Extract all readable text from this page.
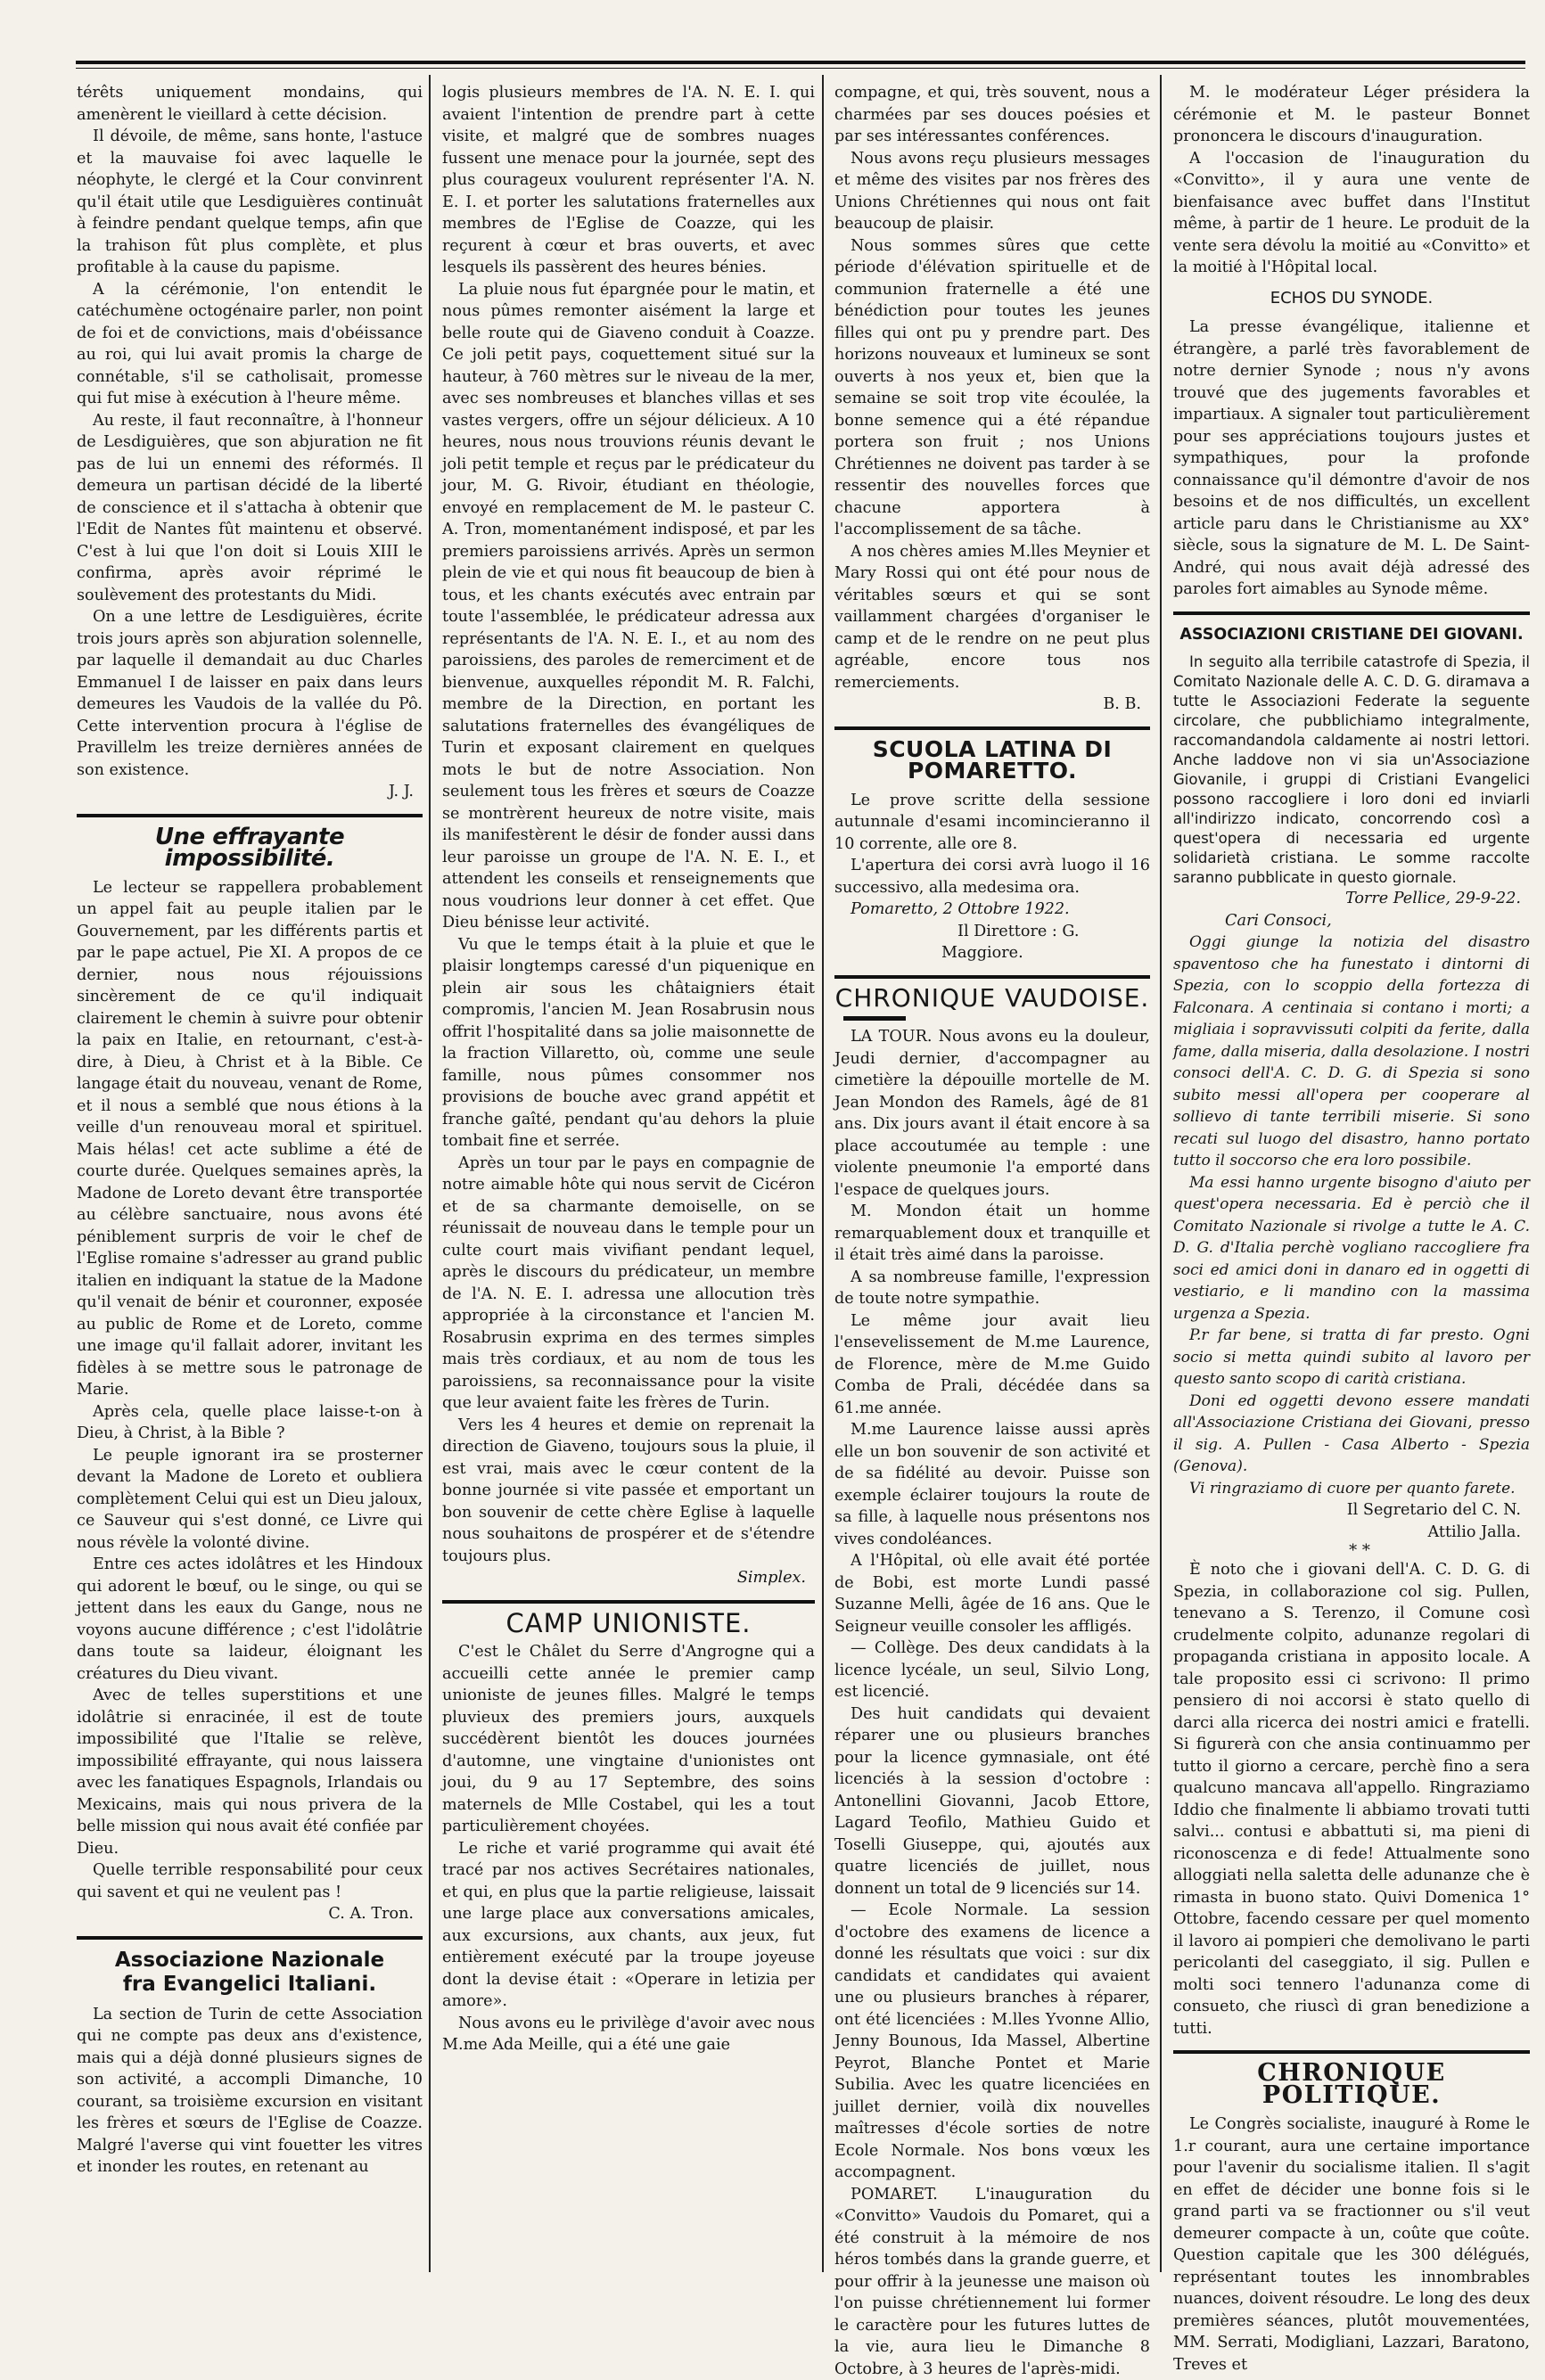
térêts uniquement mondains, qui amenèrent le vieillard à cette décision.

Il dévoile, de même, sans honte, l'astuce et la mauvaise foi avec laquelle le néophyte, le clergé et la Cour convinrent qu'il était utile que Lesdiguières continuât à feindre pendant quelque temps, afin que la trahison fût plus complète, et plus profitable à la cause du papisme.

A la cérémonie, l'on entendit le catéchumène octogénaire parler, non point de foi et de convictions, mais d'obéissance au roi, qui lui avait promis la charge de connétable, s'il se catholisait, promesse qui fut mise à exécution à l'heure même.

Au reste, il faut reconnaître, à l'honneur de Lesdiguières, que son abjuration ne fit pas de lui un ennemi des réformés. Il demeura un partisan décidé de la liberté de conscience et il s'attacha à obtenir que l'Edit de Nantes fût maintenu et observé. C'est à lui que l'on doit si Louis XIII le confirma, après avoir réprimé le soulèvement des protestants du Midi.

On a une lettre de Lesdiguières, écrite trois jours après son abjuration solennelle, par laquelle il demandait au duc Charles Emmanuel I de laisser en paix dans leurs demeures les Vaudois de la vallée du Pô. Cette intervention procura à l'église de Pravillelm les treize dernières années de son existence.

J. J.

Une effrayante impossibilité.

Le lecteur se rappellera probablement un appel fait au peuple italien par le Gouvernement, par les différents partis et par le pape actuel, Pie XI. A propos de ce dernier, nous nous réjouissions sincèrement de ce qu'il indiquait clairement le chemin à suivre pour obtenir la paix en Italie, en retournant, c'est-à-dire, à Dieu, à Christ et à la Bible. Ce langage était du nouveau, venant de Rome, et il nous a semblé que nous étions à la veille d'un renouveau moral et spirituel. Mais hélas! cet acte sublime a été de courte durée. Quelques semaines après, la Madone de Loreto devant être transportée au célèbre sanctuaire, nous avons été péniblement surpris de voir le chef de l'Eglise romaine s'adresser au grand public italien en indiquant la statue de la Madone qu'il venait de bénir et couronner, exposée au public de Rome et de Loreto, comme une image qu'il fallait adorer, invitant les fidèles à se mettre sous le patronage de Marie.

Après cela, quelle place laisse-t-on à Dieu, à Christ, à la Bible ?

Le peuple ignorant ira se prosterner devant la Madone de Loreto et oubliera complètement Celui qui est un Dieu jaloux, ce Sauveur qui s'est donné, ce Livre qui nous révèle la volonté divine.

Entre ces actes idolâtres et les Hindoux qui adorent le bœuf, ou le singe, ou qui se jettent dans les eaux du Gange, nous ne voyons aucune différence ; c'est l'idolâtrie dans toute sa laideur, éloignant les créatures du Dieu vivant.

Avec de telles superstitions et une idolâtrie si enracinée, il est de toute impossibilité que l'Italie se relève, impossibilité effrayante, qui nous laissera avec les fanatiques Espagnols, Irlandais ou Mexicains, mais qui nous privera de la belle mission qui nous avait été confiée par Dieu.

Quelle terrible responsabilité pour ceux qui savent et qui ne veulent pas !

C. A. Tron.

Associazione Nazionale
fra Evangelici Italiani.

La section de Turin de cette Association qui ne compte pas deux ans d'existence, mais qui a déjà donné plusieurs signes de son activité, a accompli Dimanche, 10 courant, sa troisième excursion en visitant les frères et sœurs de l'Eglise de Coazze. Malgré l'averse qui vint fouetter les vitres et inonder les routes, en retenant au

logis plusieurs membres de l'A. N. E. I. qui avaient l'intention de prendre part à cette visite, et malgré que de sombres nuages fussent une menace pour la journée, sept des plus courageux voulurent représenter l'A. N. E. I. et porter les salutations fraternelles aux membres de l'Eglise de Coazze, qui les reçurent à cœur et bras ouverts, et avec lesquels ils passèrent des heures bénies.

La pluie nous fut épargnée pour le matin, et nous pûmes remonter aisément la large et belle route qui de Giaveno conduit à Coazze. Ce joli petit pays, coquettement situé sur la hauteur, à 760 mètres sur le niveau de la mer, avec ses nombreuses et blanches villas et ses vastes vergers, offre un séjour délicieux. A 10 heures, nous nous trouvions réunis devant le joli petit temple et reçus par le prédicateur du jour, M. G. Rivoir, étudiant en théologie, envoyé en remplacement de M. le pasteur C. A. Tron, momentanément indisposé, et par les premiers paroissiens arrivés. Après un sermon plein de vie et qui nous fit beaucoup de bien à tous, et les chants exécutés avec entrain par toute l'assemblée, le prédicateur adressa aux représentants de l'A. N. E. I., et au nom des paroissiens, des paroles de remerciment et de bienvenue, auxquelles répondit M. R. Falchi, membre de la Direction, en portant les salutations fraternelles des évangéliques de Turin et exposant clairement en quelques mots le but de notre Association. Non seulement tous les frères et sœurs de Coazze se montrèrent heureux de notre visite, mais ils manifestèrent le désir de fonder aussi dans leur paroisse un groupe de l'A. N. E. I., et attendent les conseils et renseignements que nous voudrions leur donner à cet effet. Que Dieu bénisse leur activité.

Vu que le temps était à la pluie et que le plaisir longtemps caressé d'un piquenique en plein air sous les châtaigniers était compromis, l'ancien M. Jean Rosabrusin nous offrit l'hospitalité dans sa jolie maisonnette de la fraction Villaretto, où, comme une seule famille, nous pûmes consommer nos provisions de bouche avec grand appétit et franche gaîté, pendant qu'au dehors la pluie tombait fine et serrée.

Après un tour par le pays en compagnie de notre aimable hôte qui nous servit de Cicéron et de sa charmante demoiselle, on se réunissait de nouveau dans le temple pour un culte court mais vivifiant pendant lequel, après le discours du prédicateur, un membre de l'A. N. E. I. adressa une allocution très appropriée à la circonstance et l'ancien M. Rosabrusin exprima en des termes simples mais très cordiaux, et au nom de tous les paroissiens, sa reconnaissance pour la visite que leur avaient faite les frères de Turin.

Vers les 4 heures et demie on reprenait la direction de Giaveno, toujours sous la pluie, il est vrai, mais avec le cœur content de la bonne journée si vite passée et emportant un bon souvenir de cette chère Eglise à laquelle nous souhaitons de prospérer et de s'étendre toujours plus.

Simplex.

CAMP UNIONISTE.

C'est le Châlet du Serre d'Angrogne qui a accueilli cette année le premier camp unioniste de jeunes filles. Malgré le temps pluvieux des premiers jours, auxquels succédèrent bientôt les douces journées d'automne, une vingtaine d'unionistes ont joui, du 9 au 17 Septembre, des soins maternels de Mlle Costabel, qui les a tout particulièrement choyées.

Le riche et varié programme qui avait été tracé par nos actives Secrétaires nationales, et qui, en plus que la partie religieuse, laissait une large place aux conversations amicales, aux excursions, aux chants, aux jeux, fut entièrement exécuté par la troupe joyeuse dont la devise était : «Operare in letizia per amore».

Nous avons eu le privilège d'avoir avec nous M.me Ada Meille, qui a été une gaie

compagne, et qui, très souvent, nous a charmées par ses douces poésies et par ses intéressantes conférences.

Nous avons reçu plusieurs messages et même des visites par nos frères des Unions Chrétiennes qui nous ont fait beaucoup de plaisir.

Nous sommes sûres que cette période d'élévation spirituelle et de communion fraternelle a été une bénédiction pour toutes les jeunes filles qui ont pu y prendre part. Des horizons nouveaux et lumineux se sont ouverts à nos yeux et, bien que la semaine se soit trop vite écoulée, la bonne semence qui a été répandue portera son fruit ; nos Unions Chrétiennes ne doivent pas tarder à se ressentir des nouvelles forces que chacune apportera à l'accomplissement de sa tâche.

A nos chères amies M.lles Meynier et Mary Rossi qui ont été pour nous de véritables sœurs et qui se sont vaillamment chargées d'organiser le camp et de le rendre on ne peut plus agréable, encore tous nos remerciements.

B. B.

SCUOLA LATINA DI POMARETTO.

Le prove scritte della sessione autunnale d'esami incomincieranno il 10 corrente, alle ore 8.

L'apertura dei corsi avrà luogo il 16 successivo, alla medesima ora.

Pomaretto, 2 Ottobre 1922.

Il Direttore : G. Maggiore.

CHRONIQUE VAUDOISE.

LA TOUR. Nous avons eu la douleur, Jeudi dernier, d'accompagner au cimetière la dépouille mortelle de M. Jean Mondon des Ramels, âgé de 81 ans. Dix jours avant il était encore à sa place accoutumée au temple : une violente pneumonie l'a emporté dans l'espace de quelques jours.

M. Mondon était un homme remarquablement doux et tranquille et il était très aimé dans la paroisse.

A sa nombreuse famille, l'expression de toute notre sympathie.

Le même jour avait lieu l'ensevelissement de M.me Laurence, de Florence, mère de M.me Guido Comba de Prali, décédée dans sa 61.me année.

M.me Laurence laisse aussi après elle un bon souvenir de son activité et de sa fidélité au devoir. Puisse son exemple éclairer toujours la route de sa fille, à laquelle nous présentons nos vives condoléances.

A l'Hôpital, où elle avait été portée de Bobi, est morte Lundi passé Suzanne Melli, âgée de 16 ans. Que le Seigneur veuille consoler les affligés.

— Collège. Des deux candidats à la licence lycéale, un seul, Silvio Long, est licencié.

Des huit candidats qui devaient réparer une ou plusieurs branches pour la licence gymnasiale, ont été licenciés à la session d'octobre : Antonellini Giovanni, Jacob Ettore, Lagard Teofilo, Mathieu Guido et Toselli Giuseppe, qui, ajoutés aux quatre licenciés de juillet, nous donnent un total de 9 licenciés sur 14.

— Ecole Normale. La session d'octobre des examens de licence a donné les résultats que voici : sur dix candidats et candidates qui avaient une ou plusieurs branches à réparer, ont été licenciées : M.lles Yvonne Allio, Jenny Bounous, Ida Massel, Albertine Peyrot, Blanche Pontet et Marie Subilia. Avec les quatre licenciées en juillet dernier, voilà dix nouvelles maîtresses d'école sorties de notre Ecole Normale. Nos bons vœux les accompagnent.

POMARET. L'inauguration du «Convitto» Vaudois du Pomaret, qui a été construit à la mémoire de nos héros tombés dans la grande guerre, et pour offrir à la jeunesse une maison où l'on puisse chrétiennement lui former le caractère pour les futures luttes de la vie, aura lieu le Dimanche 8 Octobre, à 3 heures de l'après-midi.

M. le modérateur Léger présidera la cérémonie et M. le pasteur Bonnet prononcera le discours d'inauguration.

A l'occasion de l'inauguration du «Convitto», il y aura une vente de bienfaisance avec buffet dans l'Institut même, à partir de 1 heure. Le produit de la vente sera dévolu la moitié au «Convitto» et la moitié à l'Hôpital local.

ECHOS DU SYNODE.

La presse évangélique, italienne et étrangère, a parlé très favorablement de notre dernier Synode ; nous n'y avons trouvé que des jugements favorables et impartiaux. A signaler tout particulièrement pour ses appréciations toujours justes et sympathiques, pour la profonde connaissance qu'il démontre d'avoir de nos besoins et de nos difficultés, un excellent article paru dans le Christianisme au XX° siècle, sous la signature de M. L. De Saint-André, qui nous avait déjà adressé des paroles fort aimables au Synode même.

ASSOCIAZIONI CRISTIANE DEI GIOVANI.

In seguito alla terribile catastrofe di Spezia, il Comitato Nazionale delle A. C. D. G. diramava a tutte le Associazioni Federate la seguente circolare, che pubblichiamo integralmente, raccomandandola caldamente ai nostri lettori. Anche laddove non vi sia un'Associazione Giovanile, i gruppi di Cristiani Evangelici possono raccogliere i loro doni ed inviarli all'indirizzo indicato, concorrendo così a quest'opera di necessaria ed urgente solidarietà cristiana. Le somme raccolte saranno pubblicate in questo giornale.

Torre Pellice, 29-9-22.

Cari Consoci,

Oggi giunge la notizia del disastro spaventoso che ha funestato i dintorni di Spezia, con lo scoppio della fortezza di Falconara. A centinaia si contano i morti; a migliaia i sopravvissuti colpiti da ferite, dalla fame, dalla miseria, dalla desolazione. I nostri consoci dell'A. C. D. G. di Spezia si sono subito messi all'opera per cooperare al sollievo di tante terribili miserie. Si sono recati sul luogo del disastro, hanno portato tutto il soccorso che era loro possibile.

Ma essi hanno urgente bisogno d'aiuto per quest'opera necessaria. Ed è perciò che il Comitato Nazionale si rivolge a tutte le A. C. D. G. d'Italia perchè vogliano raccogliere fra soci ed amici doni in danaro ed in oggetti di vestiario, e li mandino con la massima urgenza a Spezia.

P.r far bene, si tratta di far presto. Ogni socio si metta quindi subito al lavoro per questo santo scopo di carità cristiana.

Doni ed oggetti devono essere mandati all'Associazione Cristiana dei Giovani, presso il sig. A. Pullen - Casa Alberto - Spezia (Genova).

Vi ringraziamo di cuore per quanto farete.

Il Segretario del C. N.

Attilio Jalla.

* *

È noto che i giovani dell'A. C. D. G. di Spezia, in collaborazione col sig. Pullen, tenevano a S. Terenzo, il Comune così crudelmente colpito, adunanze regolari di propaganda cristiana in apposito locale. A tale proposito essi ci scrivono: Il primo pensiero di noi accorsi è stato quello di darci alla ricerca dei nostri amici e fratelli. Si figurerà con che ansia continuammo per tutto il giorno a cercare, perchè fino a sera qualcuno mancava all'appello. Ringraziamo Iddio che finalmente li abbiamo trovati tutti salvi... contusi e abbattuti si, ma pieni di riconoscenza e di fede! Attualmente sono alloggiati nella saletta delle adunanze che è rimasta in buono stato. Quivi Domenica 1° Ottobre, facendo cessare per quel momento il lavoro ai pompieri che demolivano le parti pericolanti del caseggiato, il sig. Pullen e molti soci tennero l'adunanza come di consueto, che riuscì di gran benedizione a tutti.

CHRONIQUE POLITIQUE.

Le Congrès socialiste, inauguré à Rome le 1.r courant, aura une certaine importance pour l'avenir du socialisme italien. Il s'agit en effet de décider une bonne fois si le grand parti va se fractionner ou s'il veut demeurer compacte à un, coûte que coûte. Question capitale que les 300 délégués, représentant toutes les innombrables nuances, doivent résoudre. Le long des deux premières séances, plutôt mouvementées, MM. Serrati, Modigliani, Lazzari, Baratono, Treves et
